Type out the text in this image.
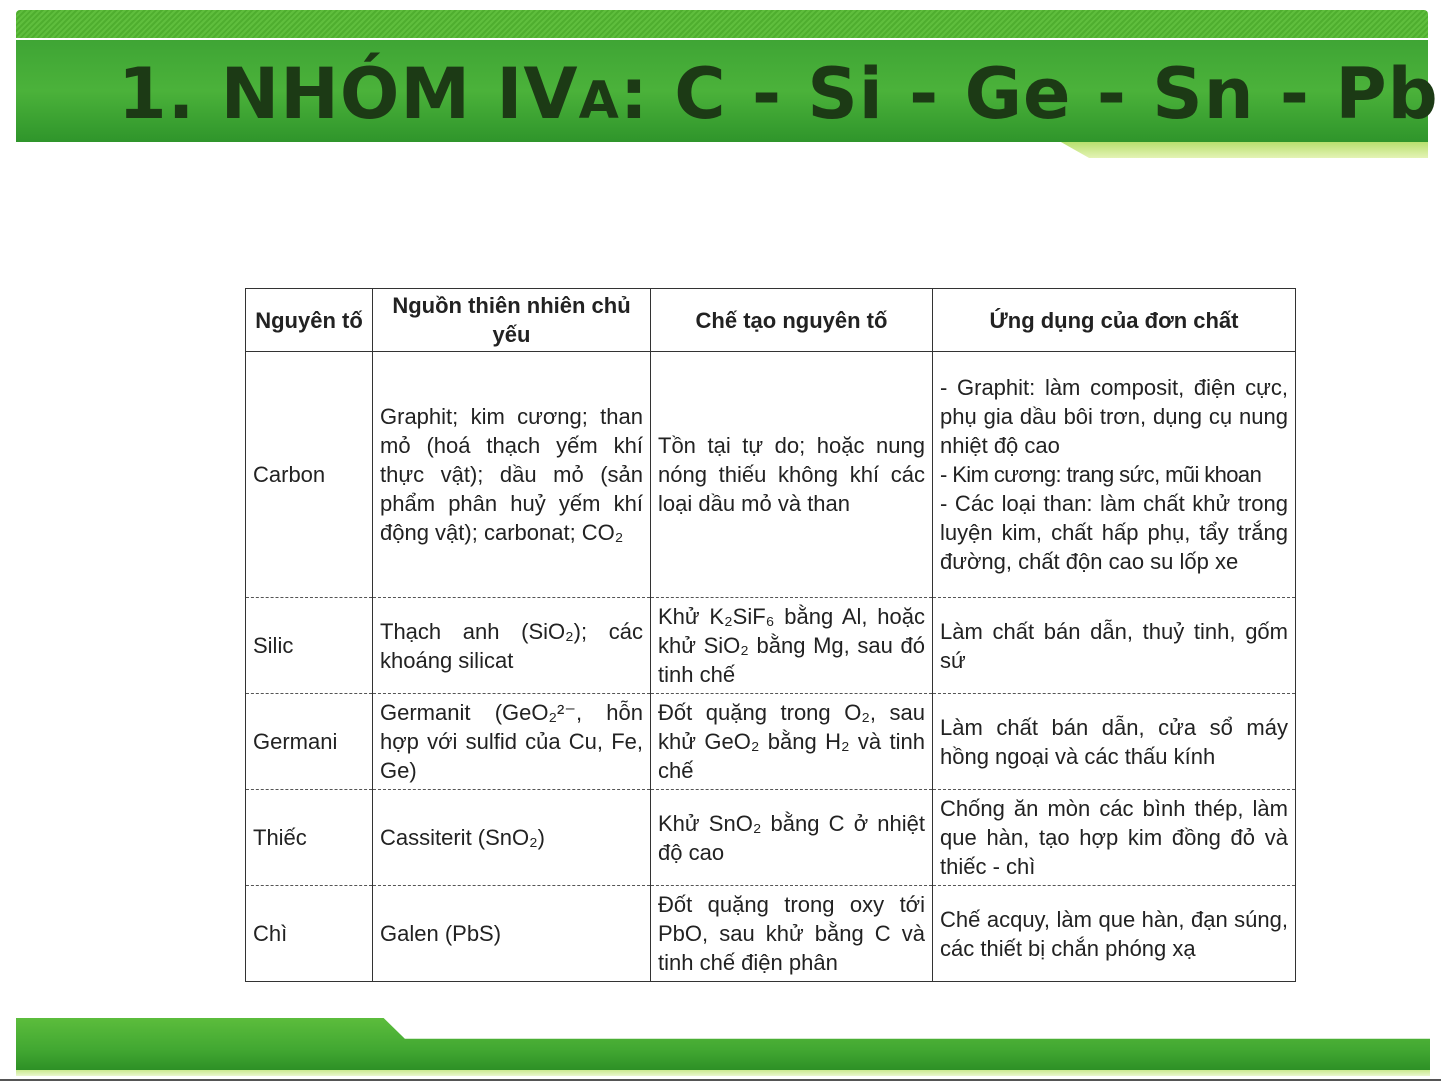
1. NHÓM IVA: C - Si - Ge - Sn - Pb
Nguyên tố	Nguồn thiên nhiên chủ yếu	Chế tạo nguyên tố	Ứng dụng của đơn chất
Carbon	Graphit; kim cương; than mỏ (hoá thạch yếm khí thực vật); dầu mỏ (sản phẩm phân huỷ yếm khí động vật); carbonat; CO₂	Tồn tại tự do; hoặc nung nóng thiếu không khí các loại dầu mỏ và than	- Graphit: làm composit, điện cực, phụ gia dầu bôi trơn, dụng cụ nung nhiệt độ cao
- Kim cương: trang sức, mũi khoan
- Các loại than: làm chất khử trong luyện kim, chất hấp phụ, tẩy trắng đường, chất độn cao su lốp xe

Silic	Thạch anh (SiO₂); các khoáng silicat	Khử K₂SiF₆ bằng Al, hoặc khử SiO₂ bằng Mg, sau đó tinh chế	Làm chất bán dẫn, thuỷ tinh, gốm sứ

Germani	Germanit (GeO₂²⁻, hỗn hợp với sulfid của Cu, Fe, Ge)	Đốt quặng trong O₂, sau khử GeO₂ bằng H₂ và tinh chế	Làm chất bán dẫn, cửa sổ máy hồng ngoại và các thấu kính

Thiếc	Cassiterit (SnO₂)	Khử SnO₂ bằng C ở nhiệt độ cao	Chống ăn mòn các bình thép, làm que hàn, tạo hợp kim đồng đỏ và thiếc - chì

Chì	Galen (PbS)	Đốt quặng trong oxy tới PbO, sau khử bằng C và tinh chế điện phân	Chế acquy, làm que hàn, đạn súng, các thiết bị chắn phóng xạ
